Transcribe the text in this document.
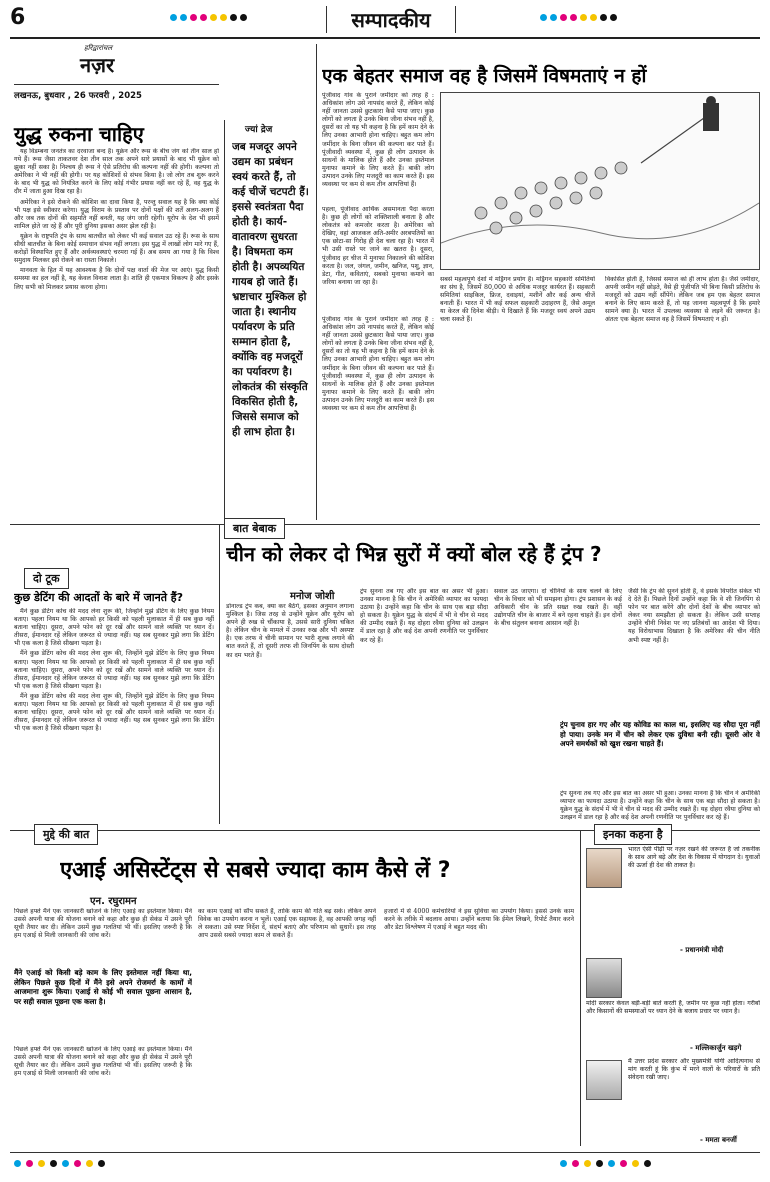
6	सम्पादकीय
हरिद्वारांचल
नज़र
लखनऊ, बुधवार , 26 फरवरी , 2025
युद्ध रुकना चाहिए

यह विडम्बना जनतंत्र का दरवाजा बन्द है। यूक्रेन और रूस के बीच जंग को तीन साल हो गये हैं। रूस जैसा ताकतवर देश तीन साल तक अपने सारे प्रयासों के बाद भी यूक्रेन को झुका नहीं सका है। निश्चय ही रूस ने ऐसे प्रतिरोध की कल्पना नहीं की होगी। कल्पना तो अमेरिका ने भी नहीं की होगी। पर यह कोशिशों से संभव किया है। जो लोग तब शुरू करने के बाद भी युद्ध को नियंत्रित करने के लिए कोई गंभीर प्रयास नहीं कर रहे हैं, वह युद्ध के दौर में जाता हुआ दिख रहा है।

अमेरिका ने इसे रोकने की कोशिश का दावा किया है, परन्तु सवाल यह है कि क्या कोई भी पक्ष इसे स्वीकार करेगा। युद्ध विराम के प्रस्ताव पर दोनों पक्षों की शर्तें अलग-अलग हैं और जब तक दोनों की सहमति नहीं बनती, यह जंग जारी रहेगी। यूरोप के देश भी इसमें शामिल होते जा रहे हैं और पूरी दुनिया इसका असर झेल रही है।

यूक्रेन के राष्ट्रपति ट्रंप के साथ बातचीत को लेकर भी कई सवाल उठ रहे हैं। रूस के साथ सीधी बातचीत के बिना कोई समाधान संभव नहीं लगता। इस युद्ध में लाखों लोग मारे गए हैं, करोड़ों विस्थापित हुए हैं और अर्थव्यवस्थाएं चरमरा गई हैं। अब समय आ गया है कि विश्व समुदाय मिलकर इसे रोकने का रास्ता निकाले।

मानवता के हित में यह आवश्यक है कि दोनों पक्ष वार्ता की मेज पर आएं। युद्ध किसी समस्या का हल नहीं है, यह केवल विनाश लाता है। शांति ही एकमात्र विकल्प है और इसके लिए सभी को मिलकर प्रयास करना होगा।

ज्यां द्रेज
जब मजदूर अपने उद्यम का प्रबंधन स्वयं करते हैं, तो कई चीजें चटपटी हैं। इससे स्वतंत्रता पैदा होती है। कार्य-वातावरण सुधरता है। विषमता कम होती है। अपव्ययित गायब हो जाते हैं। भ्रष्टाचार मुश्किल हो जाता है। स्थानीय पर्यावरण के प्रति सम्मान होता है, क्योंकि वह मजदूरों का पर्यावरण है। लोकतंत्र की संस्कृति विकसित होती है, जिससे समाज को ही लाभ होता है।
एक बेहतर समाज वह है जिसमें विषमताएं न हों
पूंजीवाद गांव के पुराने जमींदार को तरह है : अधिकांश लोग उसे नापसंद करते हैं, लेकिन कोई नहीं जानता उससे छुटकारा कैसे पाया जाए। कुछ लोगों को लगता है उनके बिना जीना संभव नहीं है, दूसरों का तो यह भी कहना है कि हमें काम देने के लिए उनका आभारी होना चाहिए। बहुत कम लोग जमींदार के बिना जीवन की कल्पना कर पाते हैं। पूंजीवादी व्यवस्था में, कुछ ही लोग उत्पादन के साधनों के मालिक होते हैं और उनका इस्तेमाल मुनाफा कमाने के लिए करते हैं। बाकी लोग उत्पादन उनके लिए मजदूरी का काम करते हैं। इस व्यवस्था पर कम से कम तीन आपत्तियां हैं।
पहला, पूंजीवाद आर्थिक असमानता पैदा करता है। कुछ ही लोगों को शक्तिशाली बनाता है और लोकतंत्र को कमजोर करता है। अमेरिका को देखिए, वहां आजकल अति-अमीर अरबपतियों का एक छोटा-सा गिरोह ही देश चला रहा है। भारत में भी उसी रास्ते पर जाने का खतरा है। दूसरा, पूंजीवाद हर चीज में मुनाफा निकालने की कोशिश करता है। जल, जंगल, जमीन, खनिज, पशु, ज्ञान, डेटा, गीत, कविताएं, सबको मुनाफा कमाने का जरिया बनाया जा रहा है।
पूंजीवाद गांव के पुराने जमींदार को तरह है : अधिकांश लोग उसे नापसंद करते हैं, लेकिन कोई नहीं जानता उससे छुटकारा कैसे पाया जाए। कुछ लोगों को लगता है उनके बिना जीना संभव नहीं है, दूसरों का तो यह भी कहना है कि हमें काम देने के लिए उनका आभारी होना चाहिए। बहुत कम लोग जमींदार के बिना जीवन की कल्पना कर पाते हैं। पूंजीवादी व्यवस्था में, कुछ ही लोग उत्पादन के साधनों के मालिक होते हैं और उनका इस्तेमाल मुनाफा कमाने के लिए करते हैं। बाकी लोग उत्पादन उनके लिए मजदूरी का काम करते हैं। इस व्यवस्था पर कम से कम तीन आपत्तियां हैं।
सबसे महत्वपूर्ण देशों में मोंड्रैगन प्रयोग है। मोंड्रैगन सहकारी समितियों का संघ है, जिसमें 80,000 से अधिक मजदूर कार्यरत हैं। सहकारी समितियां साइकिल, फ्रिज, दवाइयां, मशीनें और कई अन्य चीजें बनाती हैं। भारत में भी कई सफल सहकारी उदाहरण हैं, जैसे अमूल या केरल की दिनेश बीड़ी। ये दिखाते हैं कि मजदूर स्वयं अपने उद्यम चला सकते हैं।
विकसित होती है, जिससे समाज को ही लाभ होता है। जैसे जमींदार, अपनी जमीन नहीं छोड़ते, वैसे ही पूंजीपति भी बिना किसी प्रतिरोध के मजदूरों को उद्यम नहीं सौंपेंगे। लेकिन जब हम एक बेहतर समाज बनाने के लिए काम करते हैं, तो यह जानना महत्वपूर्ण है कि हमारे सामने क्या है। भारत में उपलब्ध व्यवस्था से लड़ने की जरूरत है। अंततः एक बेहतर समाज वह है जिसमें विषमताएं न हों।
बात बेबाक
चीन को लेकर दो भिन्न सुरों में क्यों बोल रहे हैं ट्रंप ?
मनोज जोशी
डोनाल्ड ट्रंप कब, क्या कर बैठेंगे, इसका अनुमान लगाना मुश्किल है। जिस तरह से उन्होंने यूक्रेन और यूरोप को अपने ही रुख से चौंकाया है, उससे सारी दुनिया चकित है। लेकिन चीन के मामले में उनका रुख और भी अस्पष्ट है। एक तरफ वे चीनी सामान पर भारी शुल्क लगाने की बात करते हैं, तो दूसरी तरफ शी जिनपिंग के साथ दोस्ती का दम भरते हैं।
ट्रंप सुनना तब गए और इस बात का असर भी हुआ। उनका मानना है कि चीन ने अमेरिकी व्यापार का फायदा उठाया है। उन्होंने कहा कि चीन के साथ एक बड़ा सौदा हो सकता है। यूक्रेन युद्ध के संदर्भ में भी वे चीन से मदद की उम्मीद रखते हैं। यह दोहरा रवैया दुनिया को उलझन में डाल रहा है और कई देश अपनी रणनीति पर पुनर्विचार कर रहे हैं।
सवाल उठ जाएगा। दो चीनियों के साथ चलने के लिए चीन के विचार को भी समझना होगा। ट्रंप प्रशासन के कई अधिकारी चीन के प्रति सख्त रुख रखते हैं। वहीं उद्योगपति चीन के बाजार में बने रहना चाहते हैं। इन दोनों के बीच संतुलन बनाना आसान नहीं है।
ट्रंप चुनाव हार गए और यह कोविड का काल था, इसलिए यह सौदा पूरा नहीं हो पाया। उनके मन में चीन को लेकर एक दुविधा बनी रही। दूसरी ओर वे अपने समर्थकों को खुश रखना चाहते हैं।
जैसी कि ट्रंप की सुनने होती है, वे इसके विपरीत संकेत भी दे देते हैं। पिछले दिनों उन्होंने कहा कि वे शी जिनपिंग से फोन पर बात करेंगे और दोनों देशों के बीच व्यापार को लेकर नया समझौता हो सकता है। लेकिन उसी सप्ताह उन्होंने चीनी निवेश पर नए प्रतिबंधों का आदेश भी दिया। यह विरोधाभास दिखाता है कि अमेरिका की चीन नीति अभी स्पष्ट नहीं है।
ट्रंप सुनना तब गए और इस बात का असर भी हुआ। उनका मानना है कि चीन ने अमेरिकी व्यापार का फायदा उठाया है। उन्होंने कहा कि चीन के साथ एक बड़ा सौदा हो सकता है। यूक्रेन युद्ध के संदर्भ में भी वे चीन से मदद की उम्मीद रखते हैं। यह दोहरा रवैया दुनिया को उलझन में डाल रहा है और कई देश अपनी रणनीति पर पुनर्विचार कर रहे हैं।
दो टूक
कुछ डेटिंग की आदतों के बारे में जानते हैं?

मैंने कुछ डेटिंग कोच की मदद लेना शुरू की, जिन्होंने मुझे डेटिंग के लिए कुछ नियम बताए। पहला नियम था कि आपको हर किसी को पहली मुलाकात में ही सब कुछ नहीं बताना चाहिए। दूसरा, अपने फोन को दूर रखें और सामने वाले व्यक्ति पर ध्यान दें। तीसरा, ईमानदार रहें लेकिन जरूरत से ज्यादा नहीं। यह सब सुनकर मुझे लगा कि डेटिंग भी एक कला है जिसे सीखना पड़ता है।

मैंने कुछ डेटिंग कोच की मदद लेना शुरू की, जिन्होंने मुझे डेटिंग के लिए कुछ नियम बताए। पहला नियम था कि आपको हर किसी को पहली मुलाकात में ही सब कुछ नहीं बताना चाहिए। दूसरा, अपने फोन को दूर रखें और सामने वाले व्यक्ति पर ध्यान दें। तीसरा, ईमानदार रहें लेकिन जरूरत से ज्यादा नहीं। यह सब सुनकर मुझे लगा कि डेटिंग भी एक कला है जिसे सीखना पड़ता है।

मैंने कुछ डेटिंग कोच की मदद लेना शुरू की, जिन्होंने मुझे डेटिंग के लिए कुछ नियम बताए। पहला नियम था कि आपको हर किसी को पहली मुलाकात में ही सब कुछ नहीं बताना चाहिए। दूसरा, अपने फोन को दूर रखें और सामने वाले व्यक्ति पर ध्यान दें। तीसरा, ईमानदार रहें लेकिन जरूरत से ज्यादा नहीं। यह सब सुनकर मुझे लगा कि डेटिंग भी एक कला है जिसे सीखना पड़ता है।

मुद्दे की बात
एआई असिस्टेंट्स से सबसे ज्यादा काम कैसे लें ?
एन. रघुरामन
पिछले हफ्ते मैंने एक जानकारी खोजने के लिए एआई का इस्तेमाल किया। मैंने उससे अपनी यात्रा की योजना बनाने को कहा और कुछ ही सेकंड में उसने पूरी सूची तैयार कर दी। लेकिन उसमें कुछ गलतियां भी थीं। इसलिए जरूरी है कि हम एआई से मिली जानकारी की जांच करें।
मैंने एआई को किसी बड़े काम के लिए इस्तेमाल नहीं किया था, लेकिन पिछले कुछ दिनों में मैंने इसे अपने रोजमर्रा के कामों में आजमाना शुरू किया। एआई से कोई भी सवाल पूछना आसान है, पर सही सवाल पूछना एक कला है।
पिछले हफ्ते मैंने एक जानकारी खोजने के लिए एआई का इस्तेमाल किया। मैंने उससे अपनी यात्रा की योजना बनाने को कहा और कुछ ही सेकंड में उसने पूरी सूची तैयार कर दी। लेकिन उसमें कुछ गलतियां भी थीं। इसलिए जरूरी है कि हम एआई से मिली जानकारी की जांच करें।
का काम एआई को सौंप सकते हैं, ताकि काम की गति बढ़ सके। लेकिन अपने विवेक का उपयोग करना न भूलें। एआई एक सहायक है, वह आपकी जगह नहीं ले सकता। उसे स्पष्ट निर्देश दें, संदर्भ बताएं और परिणाम को सुधारें। इस तरह आप उससे सबसे ज्यादा काम ले सकते हैं।
हजारों में से 4000 कर्मचारियों ने इस सुविधा का उपयोग किया। इससे उनके काम करने के तरीके में बदलाव आया। उन्होंने बताया कि ईमेल लिखने, रिपोर्ट तैयार करने और डेटा विश्लेषण में एआई ने बहुत मदद की।
इनका कहना है
भारत ऐसी पीढ़ी पर नज़र रखने की जरूरत है जो तकनीक के साथ आगे बढ़े और देश के विकास में योगदान दे। युवाओं की ऊर्जा ही देश की ताकत है।
- प्रधानमंत्री मोदी
मोदी सरकार केवल बड़ी-बड़ी बातें करती है, जमीन पर कुछ नहीं होता। गरीबों और किसानों की समस्याओं पर ध्यान देने के बजाय प्रचार पर ध्यान है।
- मल्लिकार्जुन खड़गे
मैं उत्तर प्रदेश सरकार और मुख्यमंत्री योगी आदित्यनाथ से मांग करती हूं कि कुंभ में मरने वालों के परिवारों के प्रति संवेदना रखी जाए।
- ममता बनर्जी
